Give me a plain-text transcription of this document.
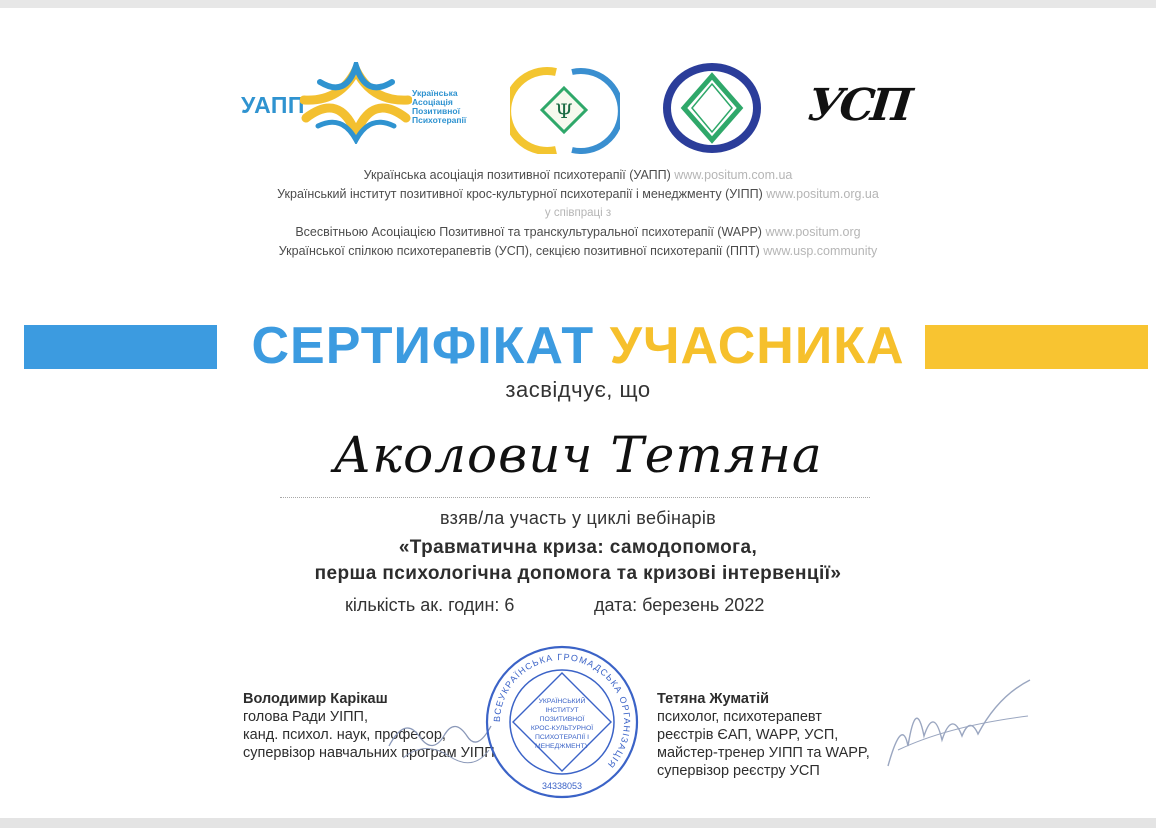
УАПП	Українська
Асоціація
Позитивної
Психотерапії	Ψ	УСП
Українська асоціація позитивної психотерапії (УАПП) www.positum.com.ua
Український інститут позитивної крос-культурної психотерапії і менеджменту (УІПП) www.positum.org.ua
у співпраці з
Всесвітньою Асоціацією Позитивної та транскультуральної психотерапії (WAPP) www.positum.org
Української спілкою психотерапевтів (УСП), секцією позитивної психотерапії (ППТ) www.usp.community
СЕРТИФІКАТ УЧАСНИКА
засвідчує, що
Аколович Тетяна
взяв/ла участь у циклі вебінарів
«Травматична криза: самодопомога,
перша психологічна допомога та кризові інтервенції»
кількість ак. годин: 6	дата: березень 2022
Володимир Карікаш
голова Ради УІПП,
канд. психол. наук, професор,
супервізор навчальних програм УІПП
ВСЕУКРАЇНСЬКА ГРОМАДСЬКА ОРГАНІЗАЦІЯ
УКРАЇНСЬКИЙ
ІНСТИТУТ
ПОЗИТИВНОЇ
КРОС-КУЛЬТУРНОЇ
ПСИХОТЕРАПІЇ І
МЕНЕДЖМЕНТУ
34338053
Тетяна Жуматій
психолог, психотерапевт
реєстрів ЄАП, WAPP, УСП,
майстер-тренер УІПП та WAPP,
супервізор реєстру УСП
